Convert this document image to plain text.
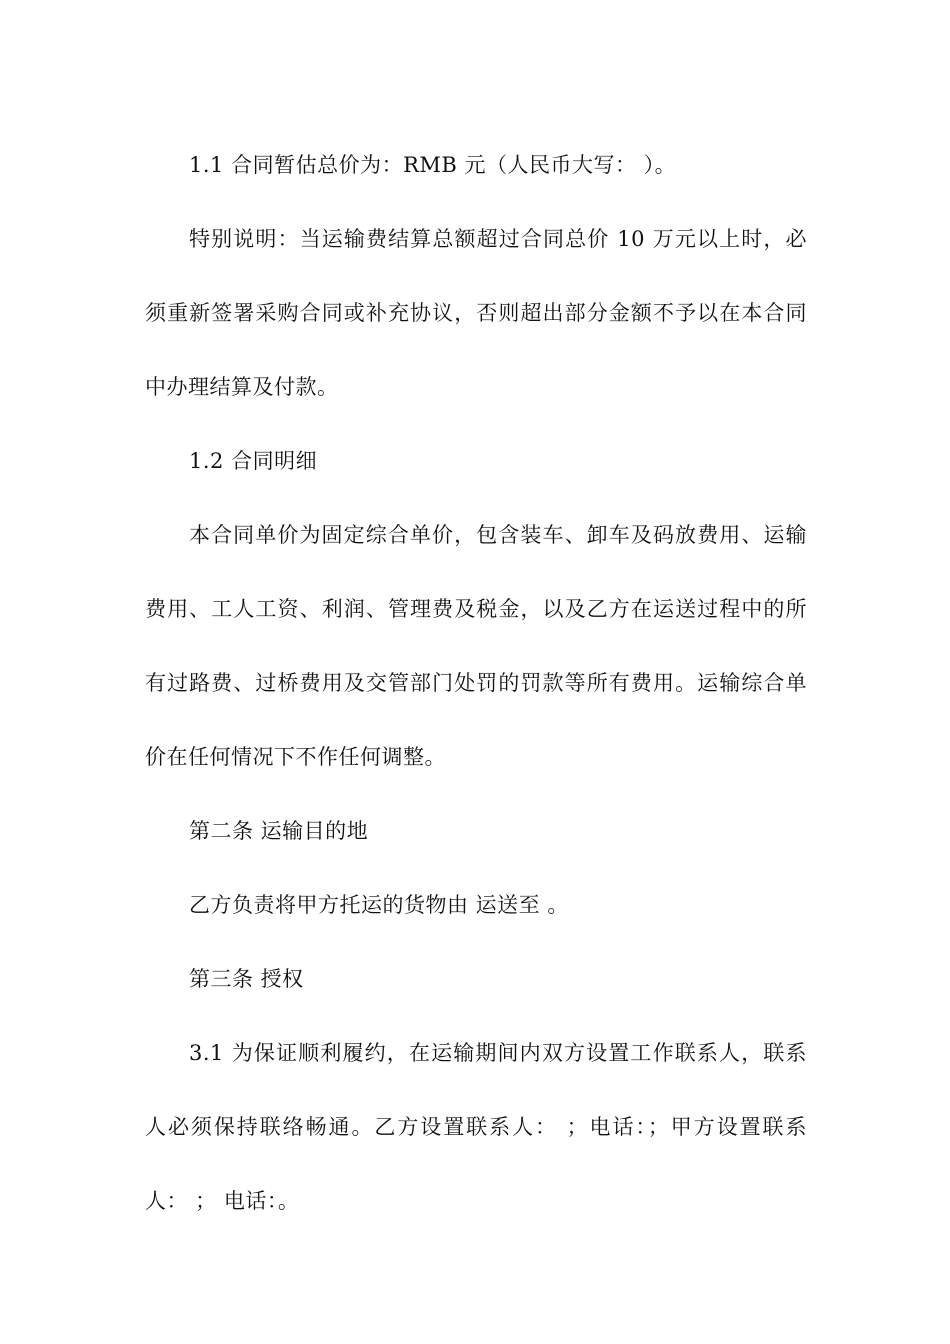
1.1 合同暂估总价为：RMB 元（人民币大写： ）。

特别说明：当运输费结算总额超过合同总价 10 万元以上时，必须重新签署采购合同或补充协议，否则超出部分金额不予以在本合同中办理结算及付款。

1.2 合同明细

本合同单价为固定综合单价，包含装车、卸车及码放费用、运输费用、工人工资、利润、管理费及税金，以及乙方在运送过程中的所有过路费、过桥费用及交管部门处罚的罚款等所有费用。运输综合单价在任何情况下不作任何调整。

第二条 运输目的地

乙方负责将甲方托运的货物由 运送至 。

第三条 授权

3.1 为保证顺利履约，在运输期间内双方设置工作联系人，联系人必须保持联络畅通。乙方设置联系人： ；电话：；甲方设置联系人： ； 电话：。
